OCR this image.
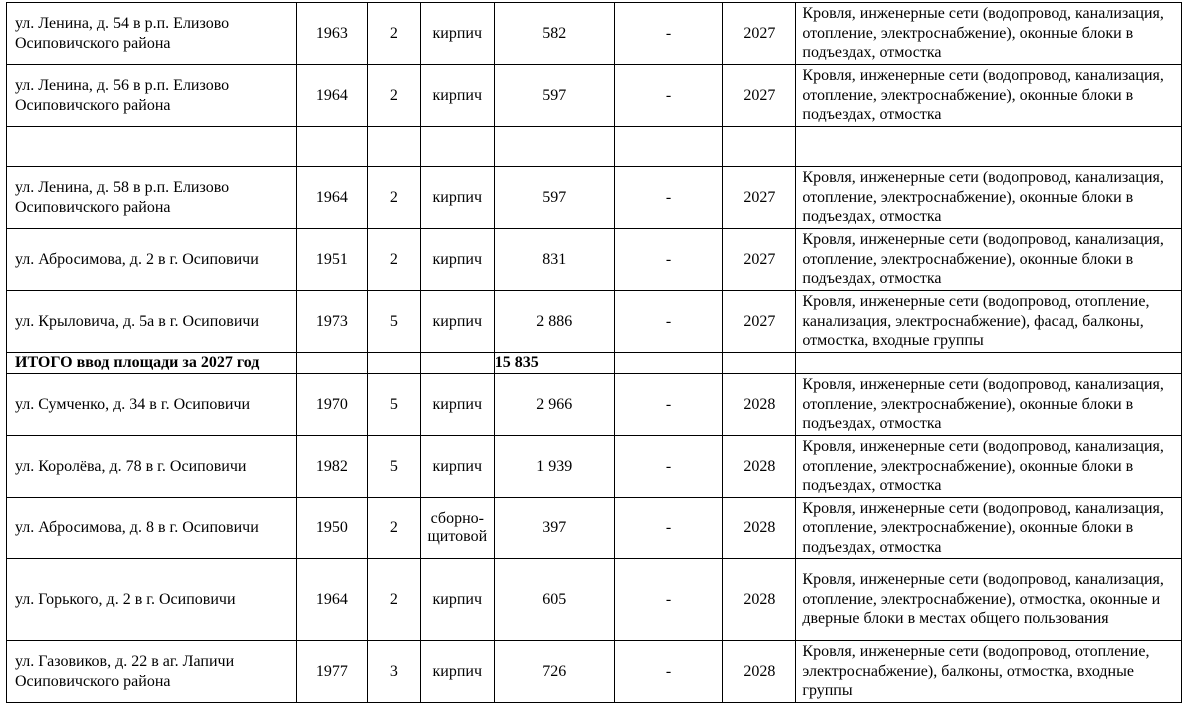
ул. Ленина, д. 54 в р.п. Елизово Осиповичского района	1963	2	кирпич	582	-	2027	Кровля, инженерные сети (водопровод, канализация, отопление, электроснабжение), оконные блоки в подъездах, отмостка
ул. Ленина, д. 56 в р.п. Елизово Осиповичского района	1964	2	кирпич	597	-	2027	Кровля, инженерные сети (водопровод, канализация, отопление, электроснабжение), оконные блоки в подъездах, отмостка

ул. Ленина, д. 58 в р.п. Елизово Осиповичского района	1964	2	кирпич	597	-	2027	Кровля, инженерные сети (водопровод, канализация, отопление, электроснабжение), оконные блоки в подъездах, отмостка
ул. Абросимова, д. 2 в г. Осиповичи	1951	2	кирпич	831	-	2027	Кровля, инженерные сети (водопровод, канализация, отопление, электроснабжение), оконные блоки в подъездах, отмостка
ул. Крыловича, д. 5а в г. Осиповичи	1973	5	кирпич	2 886	-	2027	Кровля, инженерные сети (водопровод, отопление, канализация, электроснабжение), фасад, балконы, отмостка, входные группы
ИТОГО ввод площади за 2027 год				15 835			
ул. Сумченко, д. 34 в г. Осиповичи	1970	5	кирпич	2 966	-	2028	Кровля, инженерные сети (водопровод, канализация, отопление, электроснабжение), оконные блоки в подъездах, отмостка
ул. Королёва, д. 78 в г. Осиповичи	1982	5	кирпич	1 939	-	2028	Кровля, инженерные сети (водопровод, канализация, отопление, электроснабжение), оконные блоки в подъездах, отмостка
ул. Абросимова, д. 8 в г. Осиповичи	1950	2	сборно-щитовой	397	-	2028	Кровля, инженерные сети (водопровод, канализация, отопление, электроснабжение), оконные блоки в подъездах, отмостка
ул. Горького, д. 2 в г. Осиповичи	1964	2	кирпич	605	-	2028	Кровля, инженерные сети (водопровод, канализация, отопление, электроснабжение), отмостка, оконные и дверные блоки в местах общего пользования
ул. Газовиков, д. 22 в аг. Лапичи Осиповичского района	1977	3	кирпич	726	-	2028	Кровля, инженерные сети (водопровод, отопление, электроснабжение), балконы, отмостка, входные группы
